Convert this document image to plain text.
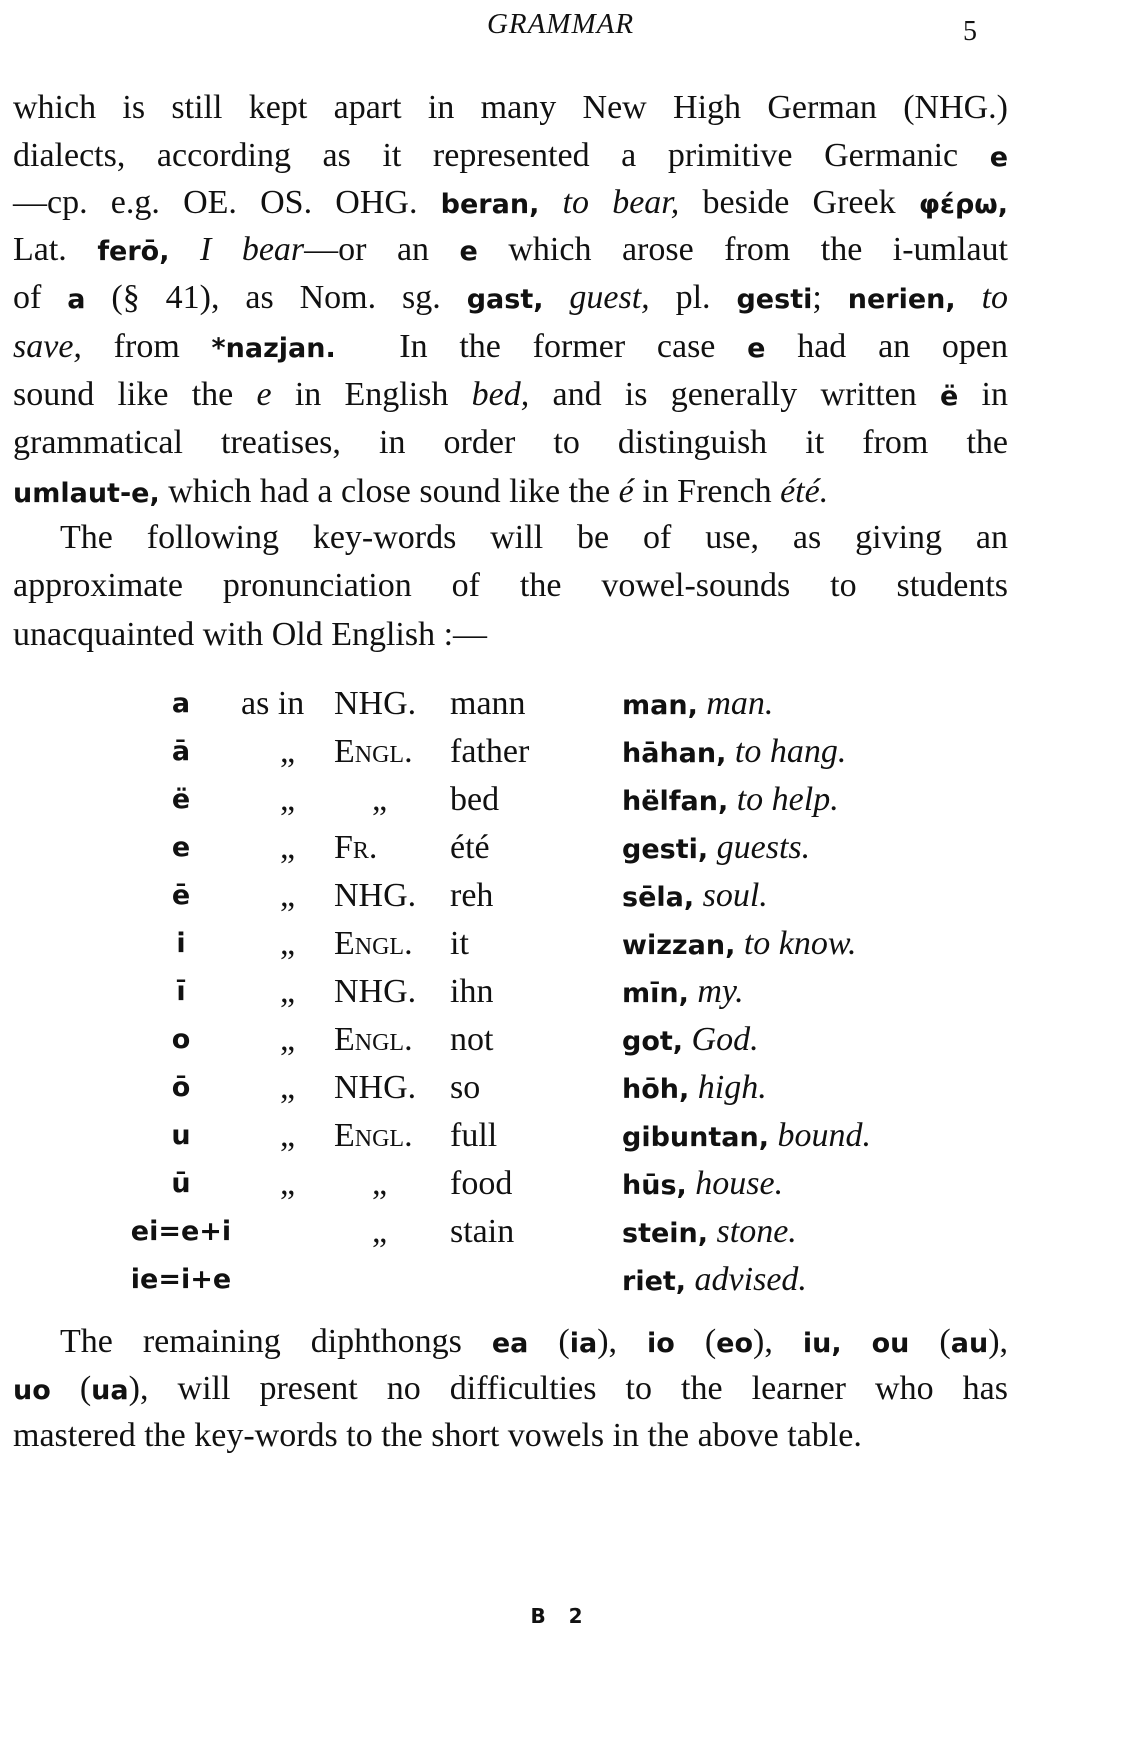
GRAMMAR	5
which is still kept apart in many New High German (NHG.)
dialects, according as it represented a primitive Germanic e
—cp. e.g. OE. OS. OHG. beran, to bear, beside Greek φέρω,
Lat. ferō, I bear—or an e which arose from the i-umlaut
of a (§ 41), as Nom. sg. gast, guest, pl. gesti; nerien, to
save, from *nazjan.  In the former case e had an open
sound like the e in English bed, and is generally written ë in
grammatical treatises, in order to distinguish it from the
umlaut-e, which had a close sound like the é in French été.
The following key-words will be of use, as giving an
approximate pronunciation of the vowel-sounds to students
unacquainted with Old English :—
The remaining diphthongs ea (ia), io (eo), iu, ou (au),
uo (ua), will present no difficulties to the learner who has
mastered the key-words to the short vowels in the above table.
a	as in NHG. mann	man, man.
ā	„ Engl. father	hāhan, to hang.
ë	„ „ bed	hëlfan, to help.
e	„ Fr. été	gesti, guests.
ē	„ NHG. reh	sēla, soul.
i	„ Engl. it	wizzan, to know.
ī	„ NHG. ihn	mīn, my.
o	„ Engl. not	got, God.
ō	„ NHG. so	hōh, high.
u	„ Engl. full	gibuntan, bound.
ū	„ „ food	hūs, house.
ei=e+i	„ stain	stein, stone.
ie=i+e	riet, advised.
B 2
